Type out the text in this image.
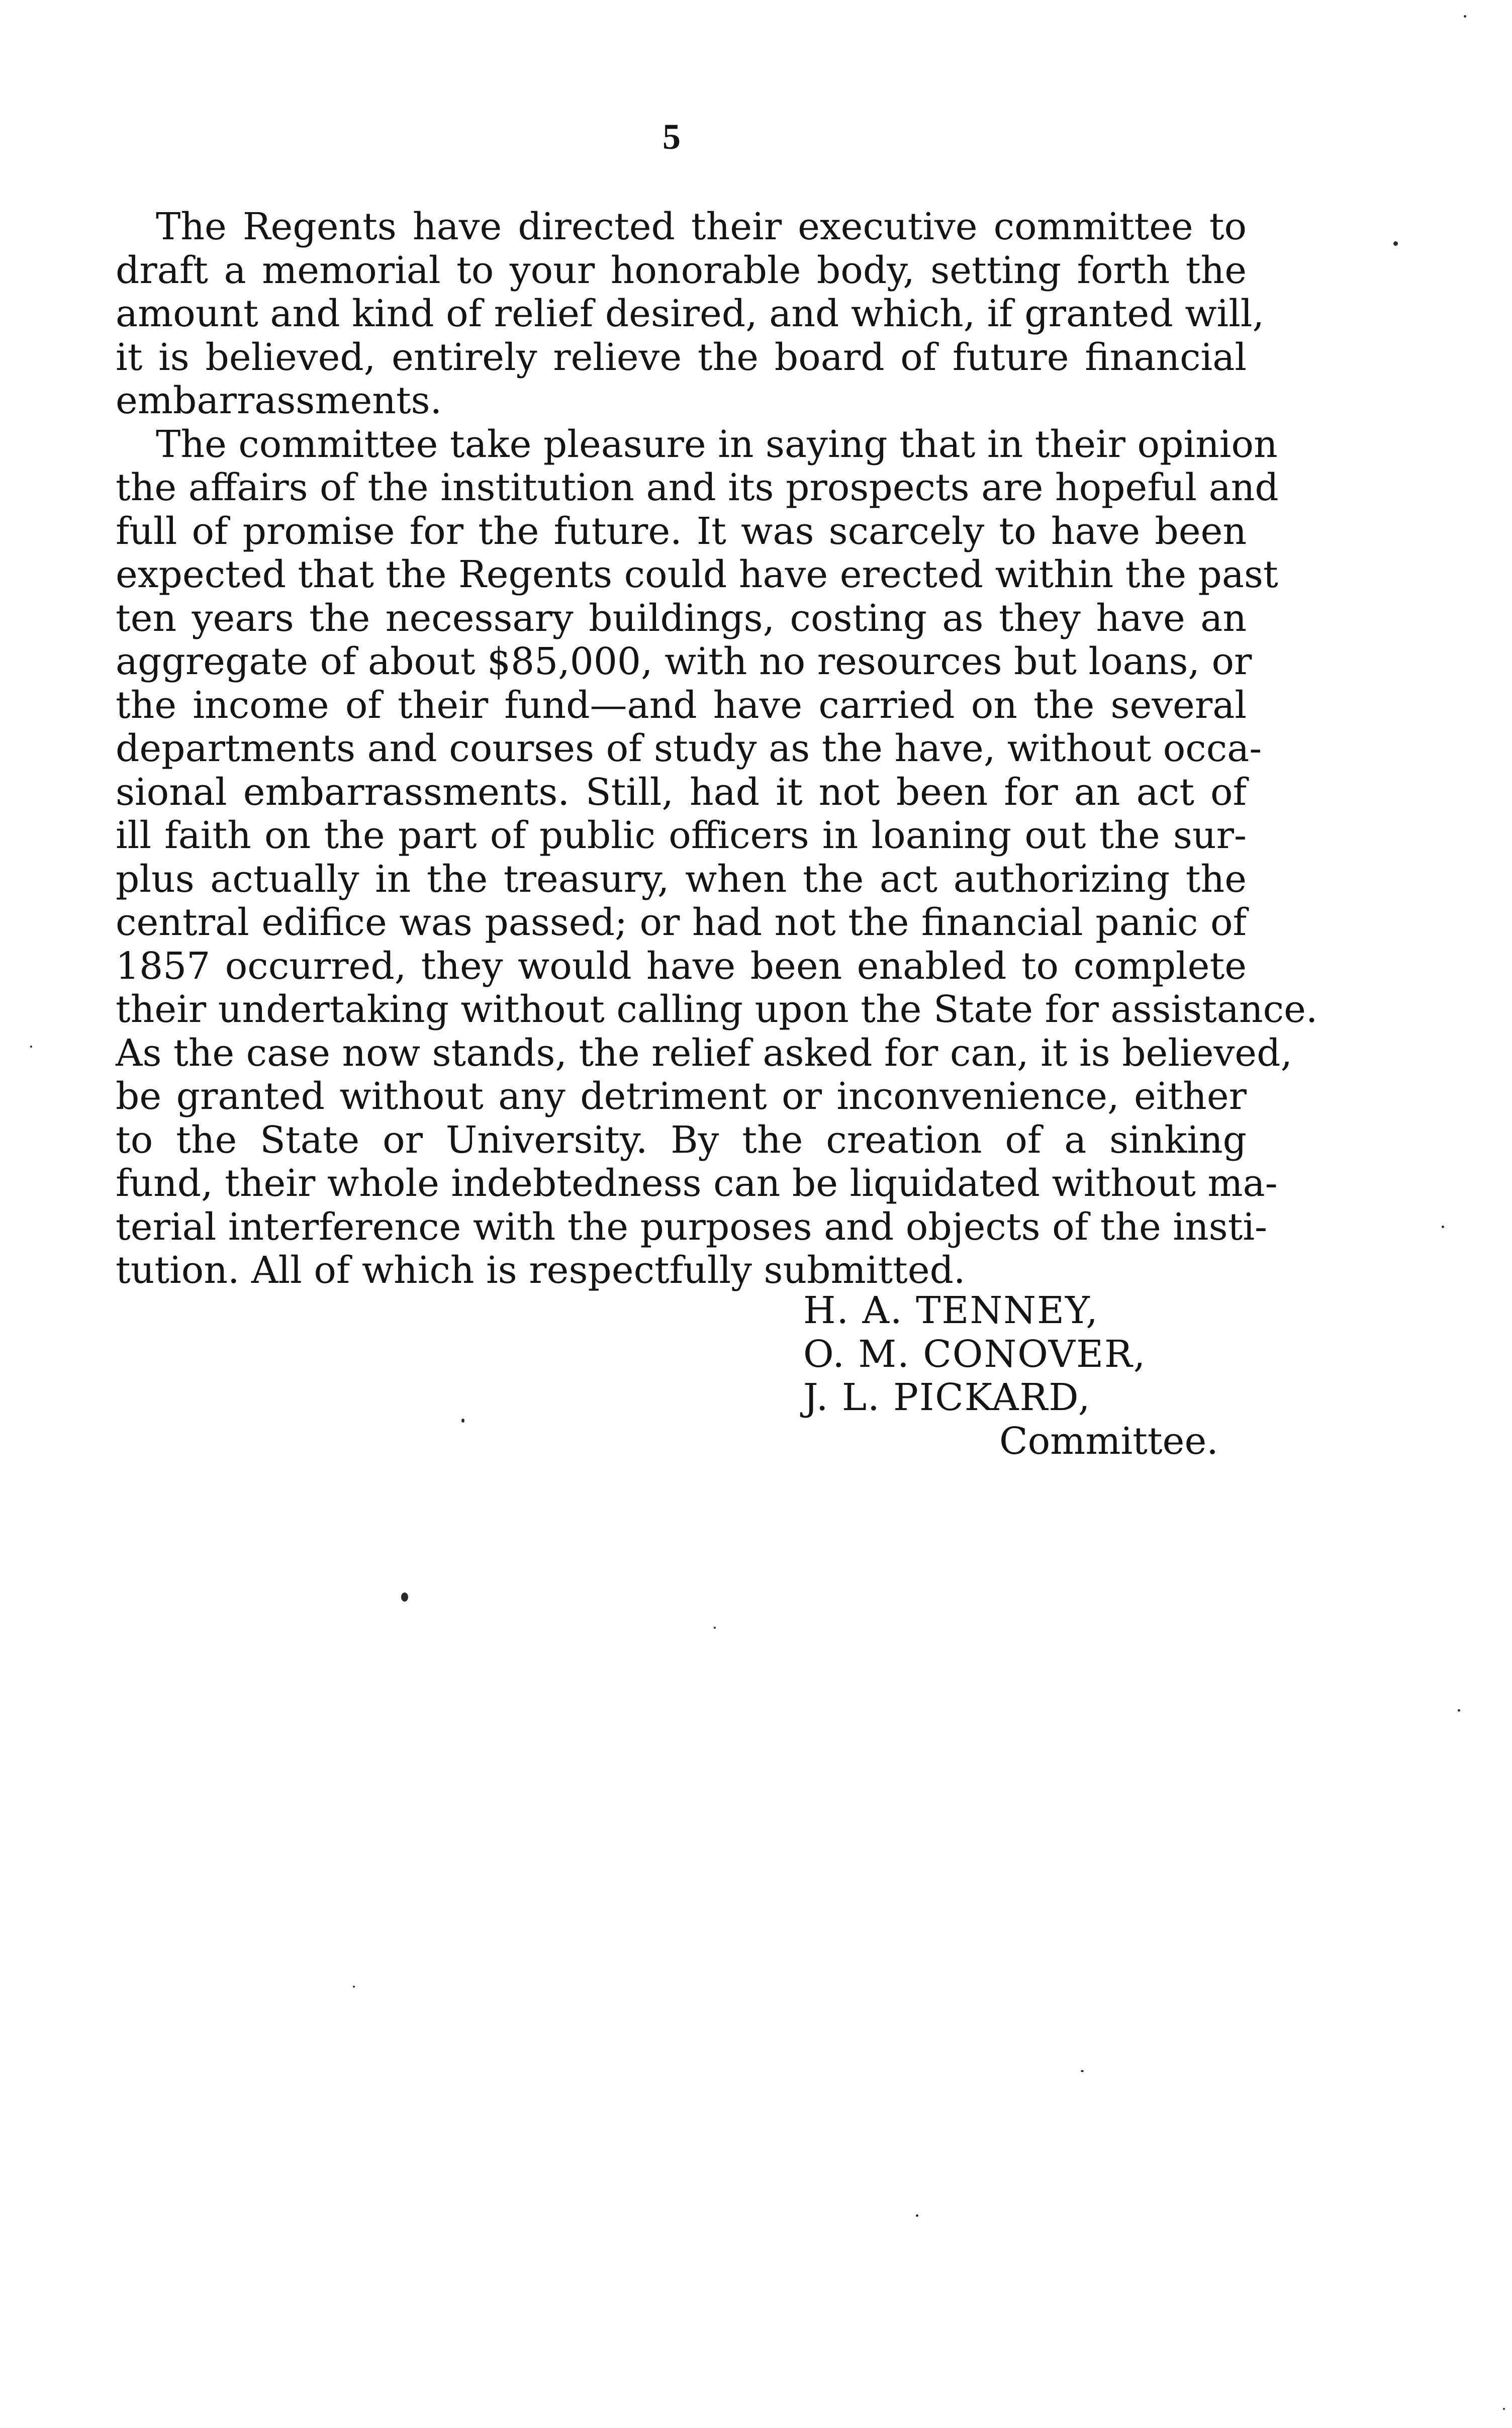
5
The Regents have directed their executive committee to
draft a memorial to your honorable body, setting forth the
amount and kind of relief desired, and which, if granted will,
it is believed, entirely relieve the board of future financial
embarrassments.
The committee take pleasure in saying that in their opinion
the affairs of the institution and its prospects are hopeful and
full of promise for the future. It was scarcely to have been
expected that the Regents could have erected within the past
ten years the necessary buildings, costing as they have an
aggregate of about $85,000, with no resources but loans, or
the income of their fund—and have carried on the several
departments and courses of study as the have, without occa-
sional embarrassments. Still, had it not been for an act of
ill faith on the part of public officers in loaning out the sur-
plus actually in the treasury, when the act authorizing the
central edifice was passed; or had not the financial panic of
1857 occurred, they would have been enabled to complete
their undertaking without calling upon the State for assistance.
As the case now stands, the relief asked for can, it is believed,
be granted without any detriment or inconvenience, either
to the State or University. By the creation of a sinking
fund, their whole indebtedness can be liquidated without ma-
terial interference with the purposes and objects of the insti-
tution. All of which is respectfully submitted.
H. A. TENNEY,
O. M. CONOVER,
J. L. PICKARD,
Committee.
